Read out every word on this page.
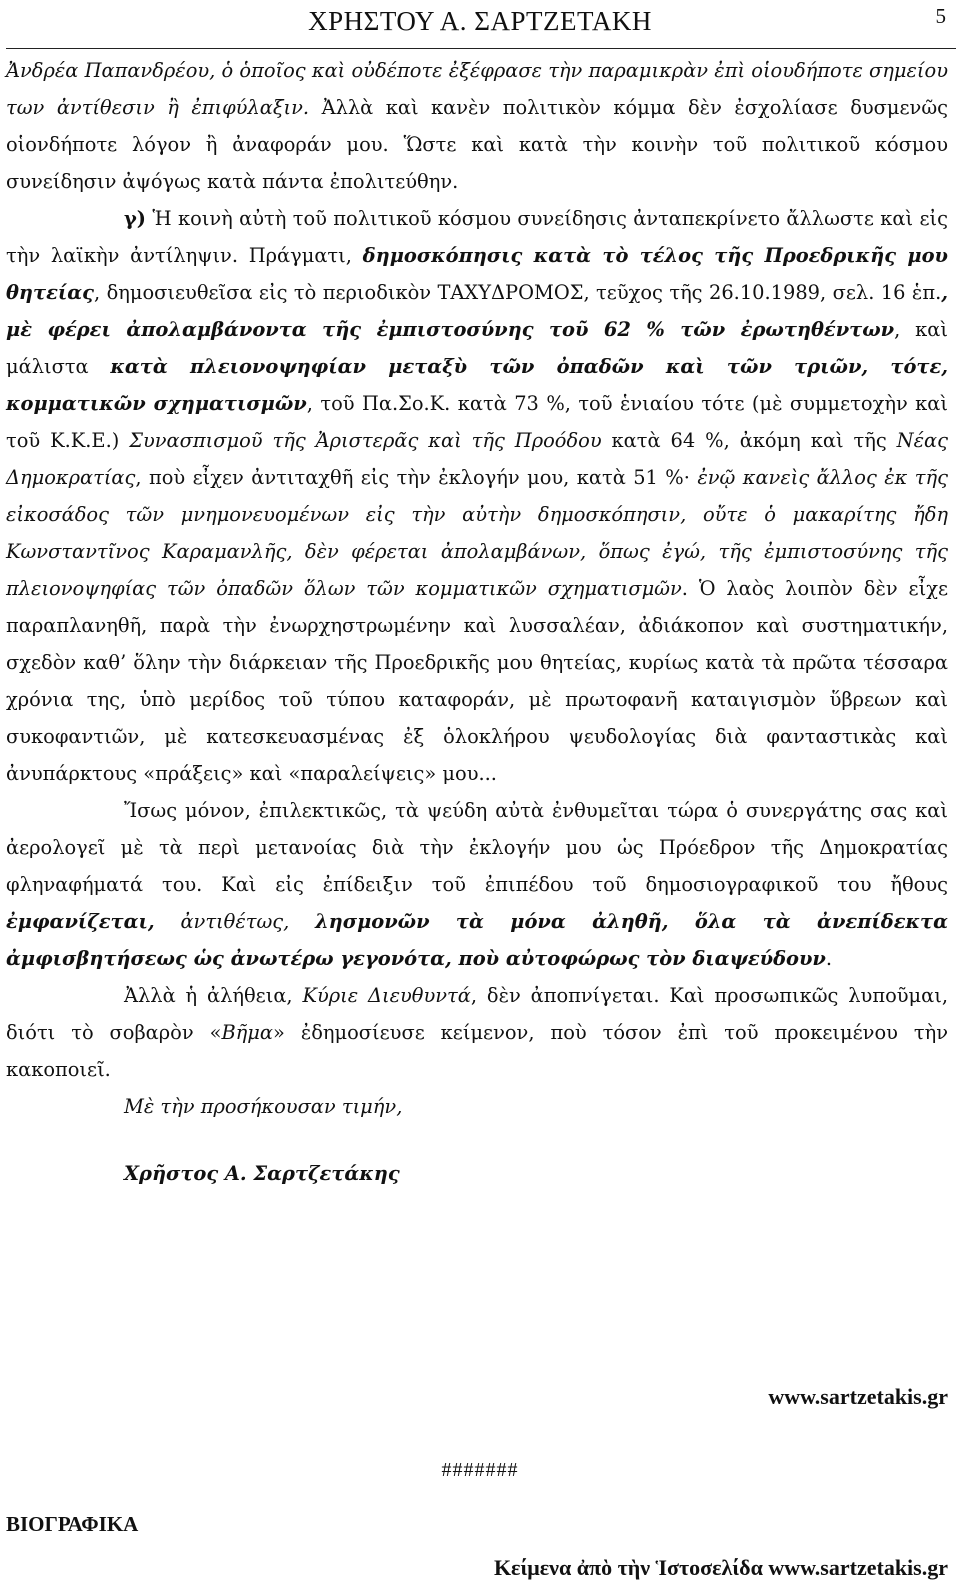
ΧΡΗΣΤΟΥ Α. ΣΑΡΤΖΕΤΑΚΗ	5

Ἀνδρέα Παπανδρέου, ὁ ὁποῖος καὶ οὐδέποτε ἐξέφρασε τὴν παραμικρὰν ἐπὶ οἱουδήποτε σημείου των ἀντίθεσιν ἢ ἐπιφύλαξιν. Ἀλλὰ καὶ κανὲν πολιτικὸν κόμμα δὲν ἐσχολίασε δυσμενῶς οἱονδήποτε λόγον ἢ ἀναφοράν μου. Ὥστε καὶ κατὰ τὴν κοινὴν τοῦ πολιτικοῦ κόσμου συνείδησιν ἀψόγως κατὰ πάντα ἐπολιτεύθην.

γ) Ἡ κοινὴ αὐτὴ τοῦ πολιτικοῦ κόσμου συνείδησις ἀνταπεκρίνετο ἄλλωστε καὶ εἰς τὴν λαϊκὴν ἀντίληψιν. Πράγματι, δημοσκόπησις κατὰ τὸ τέλος τῆς Προεδρικῆς μου θητείας, δημοσιευθεῖσα εἰς τὸ περιοδικὸν ΤΑΧΥΔΡΟΜΟΣ, τεῦχος τῆς 26.10.1989, σελ. 16 ἑπ., μὲ φέρει ἀπολαμβάνοντα τῆς ἐμπιστοσύνης τοῦ 62 % τῶν ἐρωτηθέντων, καὶ μάλιστα κατὰ πλειονοψηφίαν μεταξὺ τῶν ὀπαδῶν καὶ τῶν τριῶν, τότε, κομματικῶν σχηματισμῶν, τοῦ Πα.Σο.Κ. κατὰ 73 %, τοῦ ἑνιαίου τότε (μὲ συμμετοχὴν καὶ τοῦ Κ.Κ.Ε.) Συνασπισμοῦ τῆς Ἀριστερᾶς καὶ τῆς Προόδου κατὰ 64 %, ἀκόμη καὶ τῆς Νέας Δημοκρατίας, ποὺ εἶχεν ἀντιταχθῆ εἰς τὴν ἐκλογήν μου, κατὰ 51 %· ἐνῷ κανεὶς ἄλλος ἐκ τῆς εἰκοσάδος τῶν μνημονευομένων εἰς τὴν αὐτὴν δημοσκόπησιν, οὔτε ὁ μακαρίτης ἤδη Κωνσταντῖνος Καραμανλῆς, δὲν φέρεται ἀπολαμβάνων, ὅπως ἐγώ, τῆς ἐμπιστοσύνης τῆς πλειονοψηφίας τῶν ὀπαδῶν ὅλων τῶν κομματικῶν σχηματισμῶν. Ὁ λαὸς λοιπὸν δὲν εἶχε παραπλανηθῆ, παρὰ τὴν ἐνωρχηστρωμένην καὶ λυσσαλέαν, ἀδιάκοπον καὶ συστηματικήν, σχεδὸν καθ’ ὅλην τὴν διάρκειαν τῆς Προεδρικῆς μου θητείας, κυρίως κατὰ τὰ πρῶτα τέσσαρα χρόνια της, ὑπὸ μερίδος τοῦ τύπου καταφοράν, μὲ πρωτοφανῆ καταιγισμὸν ὕβρεων καὶ συκοφαντιῶν, μὲ κατεσκευασμένας ἐξ ὁλοκλήρου ψευδολογίας διὰ φανταστικὰς καὶ ἀνυπάρκτους «πράξεις» καὶ «παραλείψεις» μου...

Ἴσως μόνον, ἐπιλεκτικῶς, τὰ ψεύδη αὐτὰ ἐνθυμεῖται τώρα ὁ συνεργάτης σας καὶ ἀερολογεῖ μὲ τὰ περὶ μετανοίας διὰ τὴν ἐκλογήν μου ὡς Πρόεδρον τῆς Δημοκρατίας φληναφήματά του. Καὶ εἰς ἐπίδειξιν τοῦ ἐπιπέδου τοῦ δημοσιογραφικοῦ του ἤθους ἐμφανίζεται, ἀντιθέτως, λησμονῶν τὰ μόνα ἀληθῆ, ὅλα τὰ ἀνεπίδεκτα ἀμφισβητήσεως ὡς ἀνωτέρω γεγονότα, ποὺ αὐτοφώρως τὸν διαψεύδουν.

Ἀλλὰ ἡ ἀλήθεια, Κύριε Διευθυντά, δὲν ἀποπνίγεται. Καὶ προσωπικῶς λυποῦμαι, διότι τὸ σοβαρὸν «Βῆμα» ἐδημοσίευσε κείμενον, ποὺ τόσον ἐπὶ τοῦ προκειμένου τὴν κακοποιεῖ.

Μὲ τὴν προσήκουσαν τιμήν,

Χρῆστος Α. Σαρτζετάκης

www.sartzetakis.gr
#######
ΒΙΟΓΡΑΦΙΚΑ
Κείμενα ἀπὸ τὴν Ἱστοσελίδα www.sartzetakis.gr
